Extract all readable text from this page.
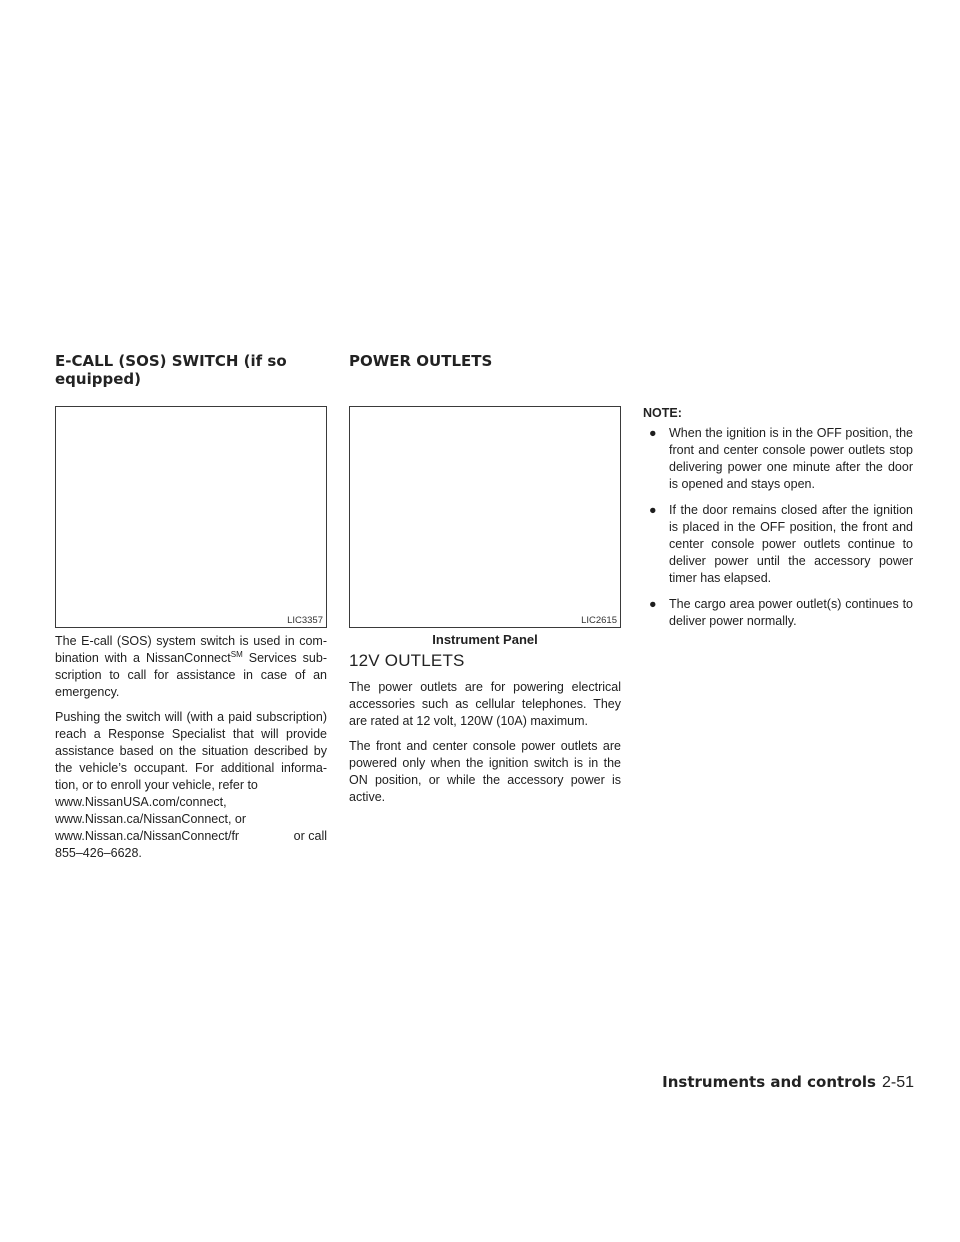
E-CALL (SOS) SWITCH (if so
equipped)
LIC3357

The E-call (SOS) system switch is used in com-bination with a NissanConnect℠ Services sub-scription to call for assistance in case of an emergency.

Pushing the switch will (with a paid subscription) reach a Response Specialist that will provide assistance based on the situation described by the vehicle’s occupant. For additional informa-tion, or to enroll your vehicle, refer to

www.NissanUSA.com/connect,
www.Nissan.ca/NissanConnect, or
www.Nissan.ca/NissanConnect/fr	or call
855–426–6628.
POWER OUTLETS
LIC2615
Instrument Panel
12V OUTLETS

The power outlets are for powering electrical accessories such as cellular telephones. They are rated at 12 volt, 120W (10A) maximum.

The front and center console power outlets are powered only when the ignition switch is in the ON position, or while the accessory power is active.

NOTE:
● When the ignition is in the OFF position, the front and center console power outlets stop delivering power one minute after the door is opened and stays open.
● If the door remains closed after the ignition is placed in the OFF position, the front and center console power outlets continue to deliver power until the accessory power timer has elapsed.
● The cargo area power outlet(s) continues to deliver power normally.
Instruments and controls 2-51
